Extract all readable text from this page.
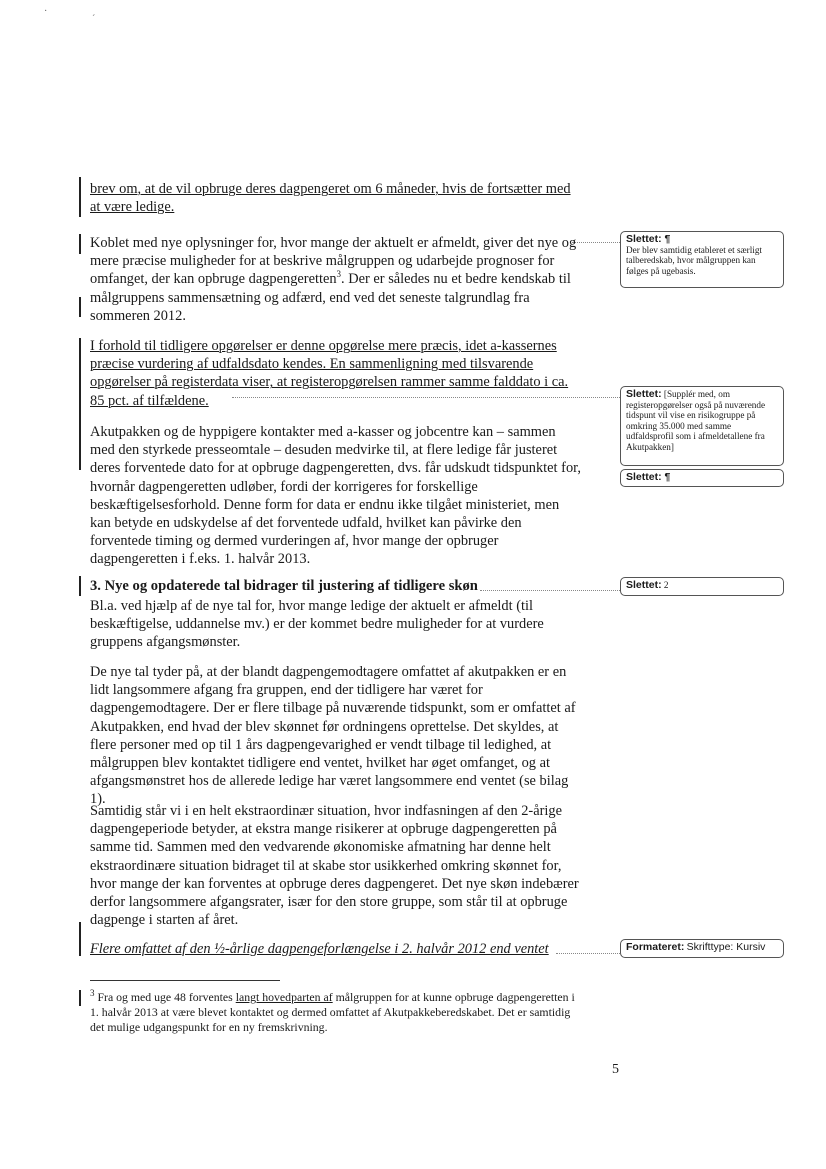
·
´
brev om, at de vil opbruge deres dagpengeret om 6 måneder, hvis de fortsætter med
at være ledige.
Koblet med nye oplysninger for, hvor mange der aktuelt er afmeldt, giver det nye og mere præcise muligheder for at beskrive målgruppen og udarbejde prognoser for omfanget, der kan opbruge dagpengeretten$^3$. Der er således nu et bedre kendskab til målgruppens sammensætning og adfærd, end ved det seneste talgrundlag fra sommeren 2012.
I forhold til tidligere opgørelser er denne opgørelse mere præcis, idet a-kassernes præcise vurdering af udfaldsdato kendes. En sammenligning med tilsvarende opgørelser på registerdata viser, at registeropgørelsen rammer samme falddato i ca. 85 pct. af tilfældene.
Akutpakken og de hyppigere kontakter med a-kasser og jobcentre kan – sammen med den styrkede presseomtale – desuden medvirke til, at flere ledige får justeret deres forventede dato for at opbruge dagpengeretten, dvs. får udskudt tidspunktet for, hvornår dagpengeretten udløber, fordi der korrigeres for forskellige beskæftigelsesforhold. Denne form for data er endnu ikke tilgået ministeriet, men kan betyde en udskydelse af det forventede udfald, hvilket kan påvirke den forventede timing og dermed vurderingen af, hvor mange der opbruger dagpengeretten i f.eks. 1. halvår 2013.
3. Nye og opdaterede tal bidrager til justering af tidligere skøn
Bl.a. ved hjælp af de nye tal for, hvor mange ledige der aktuelt er afmeldt (til beskæftigelse, uddannelse mv.) er der kommet bedre muligheder for at vurdere gruppens afgangsmønster.
De nye tal tyder på, at der blandt dagpengemodtagere omfattet af akutpakken er en lidt langsommere afgang fra gruppen, end der tidligere har været for dagpengemodtagere. Der er flere tilbage på nuværende tidspunkt, som er omfattet af Akutpakken, end hvad der blev skønnet før ordningens oprettelse. Det skyldes, at flere personer med op til 1 års dagpengevarighed er vendt tilbage til ledighed, at målgruppen blev kontaktet tidligere end ventet, hvilket har øget omfanget, og at afgangsmønstret hos de allerede ledige har været langsommere end ventet (se bilag 1).
Samtidig står vi i en helt ekstraordinær situation, hvor indfasningen af den 2-årige dagpengeperiode betyder, at ekstra mange risikerer at opbruge dagpengeretten på samme tid. Sammen med den vedvarende økonomiske afmatning har denne helt ekstraordinære situation bidraget til at skabe stor usikkerhed omkring skønnet for, hvor mange der kan forventes at opbruge deres dagpengeret. Det nye skøn indebærer derfor langsommere afgangsrater, især for den store gruppe, som står til at opbruge dagpenge i starten af året.
Flere omfattet af den ½-årlige dagpengeforlængelse i 2. halvår 2012 end ventet
$^3$ Fra og med uge 48 forventes langt hovedparten af målgruppen for at kunne opbruge dagpengeretten i 1. halvår 2013 at være blevet kontaktet og dermed omfattet af Akutpakkeberedskabet. Det er samtidig det mulige udgangspunkt for en ny fremskrivning.
5
Slettet: ¶
Der blev samtidig etableret et særligt talberedskab, hvor målgruppen kan følges på ugebasis.
Slettet: [Supplér med, om registeropgørelser også på nuværende tidspunt vil vise en risikogruppe på omkring 35.000 med samme udfaldsprofil som i afmeldetallene fra Akutpakken]
Slettet: ¶
Slettet: 2
Formateret: Skrifttype: Kursiv
